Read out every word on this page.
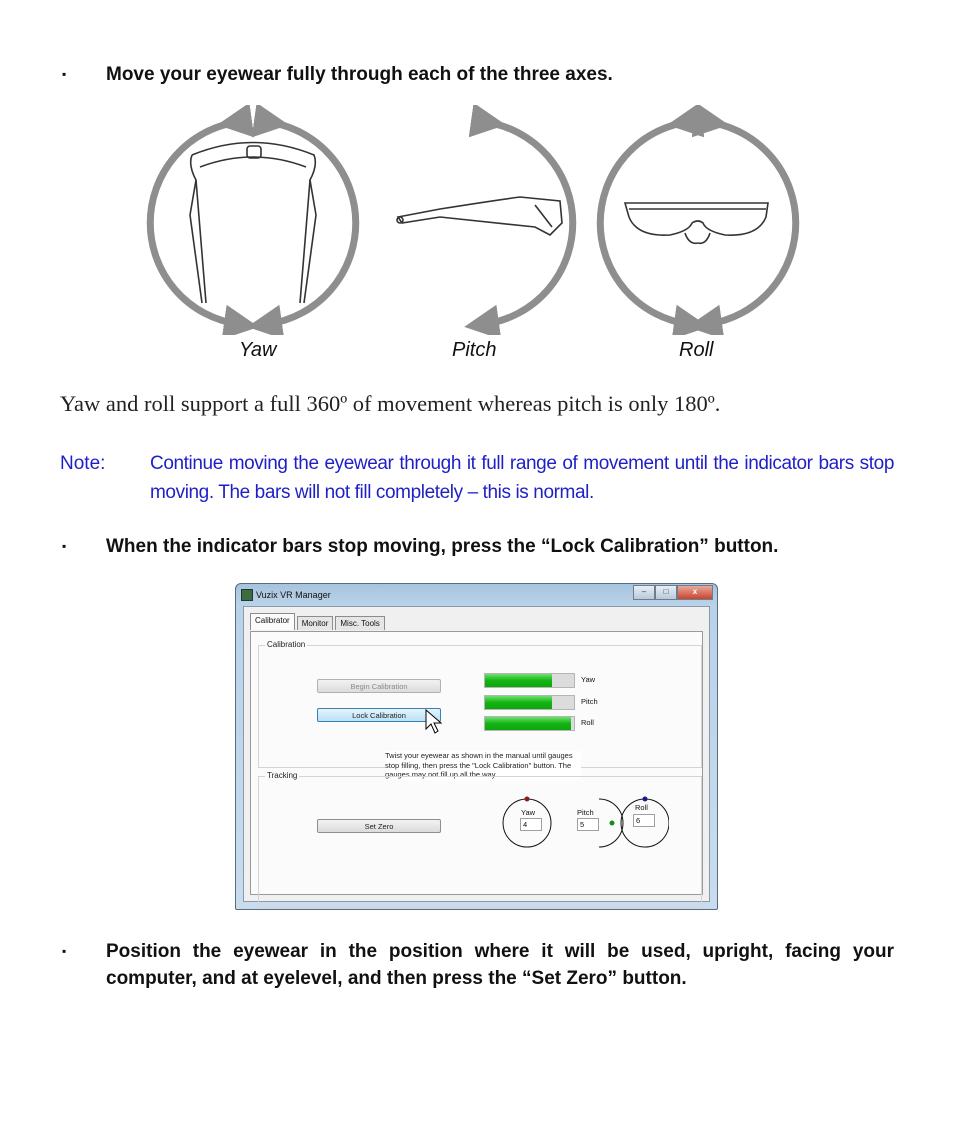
▪	Move your eyewear fully through each of the three axes.
Yaw	Pitch	Roll
Yaw and roll support a full 360º of movement whereas pitch is only 180º.
Note:	Continue moving the eyewear through it full range of movement until the indicator bars stop moving. The bars will not fill completely – this is normal.
▪	When the indicator bars stop moving, press the “Lock Calibration” button.
Vuzix VR Manager	–	□	x
Calibrator	Monitor	Misc. Tools
Calibration
Begin Calibration
Lock Calibration
Yaw
Pitch
Roll
Twist your eyewear as shown in the manual until gauges stop filling, then press the "Lock Calibration" button. The gauges may not fill up all the way.
Tracking
Set Zero
Yaw
4
Pitch
5
Roll
6
▪	Position the eyewear in the position where it will be used, upright, facing your computer, and at eyelevel, and then press the “Set Zero” button.
